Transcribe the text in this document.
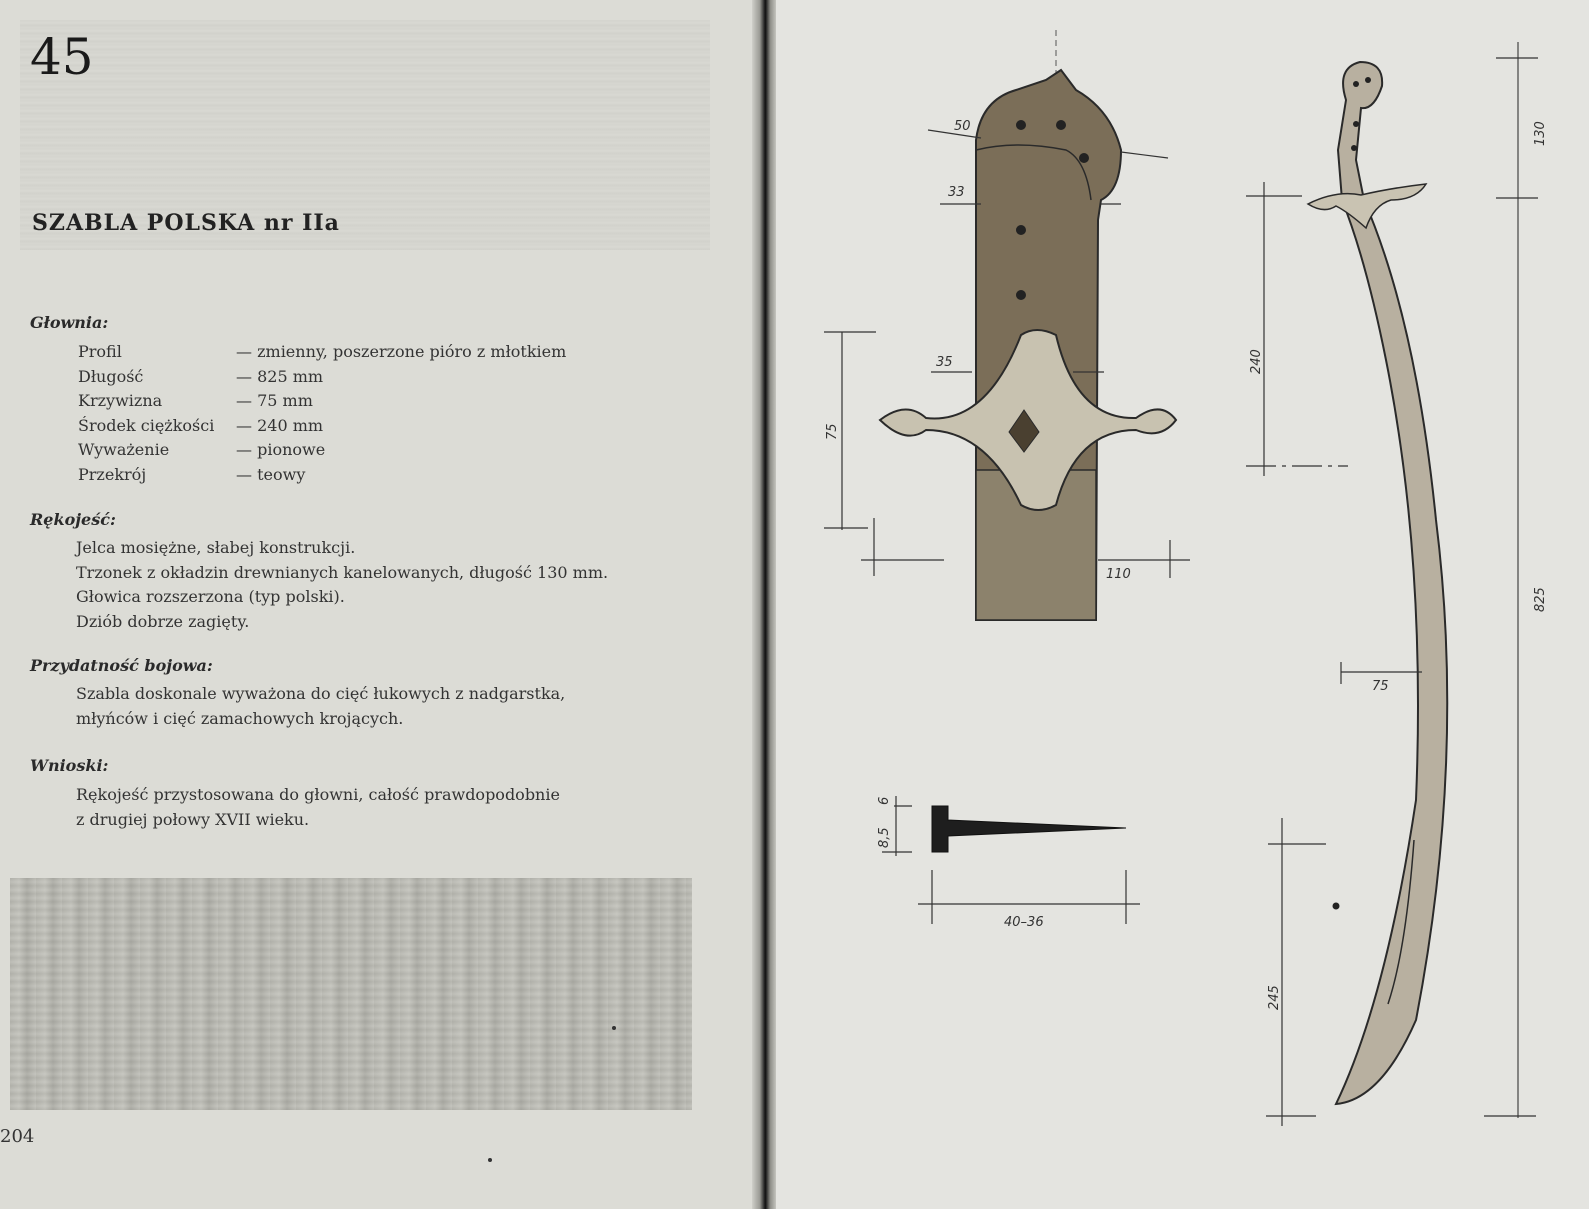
45
SZABLA POLSKA nr IIa
Głownia:
Profil	— zmienny, poszerzone pióro z młotkiem
Długość	— 825 mm
Krzywizna	— 75 mm
Środek ciężkości	— 240 mm
Wyważenie	— pionowe
Przekrój	— teowy
Rękojeść:
Jelca mosiężne, słabej konstrukcji.
Trzonek z okładzin drewnianych kanelowanych, długość 130 mm.
Głowica rozszerzona (typ polski).
Dziób dobrze zagięty.
Przydatność bojowa:
Szabla doskonale wyważona do cięć łukowych z nadgarstka,
młyńców i cięć zamachowych krojących.
Wnioski:
Rękojeść przystosowana do głowni, całość prawdopodobnie
z drugiej połowy XVII wieku.
204
50
33
35
75
110
8,5
6
40–36
130
240
825
75
245
